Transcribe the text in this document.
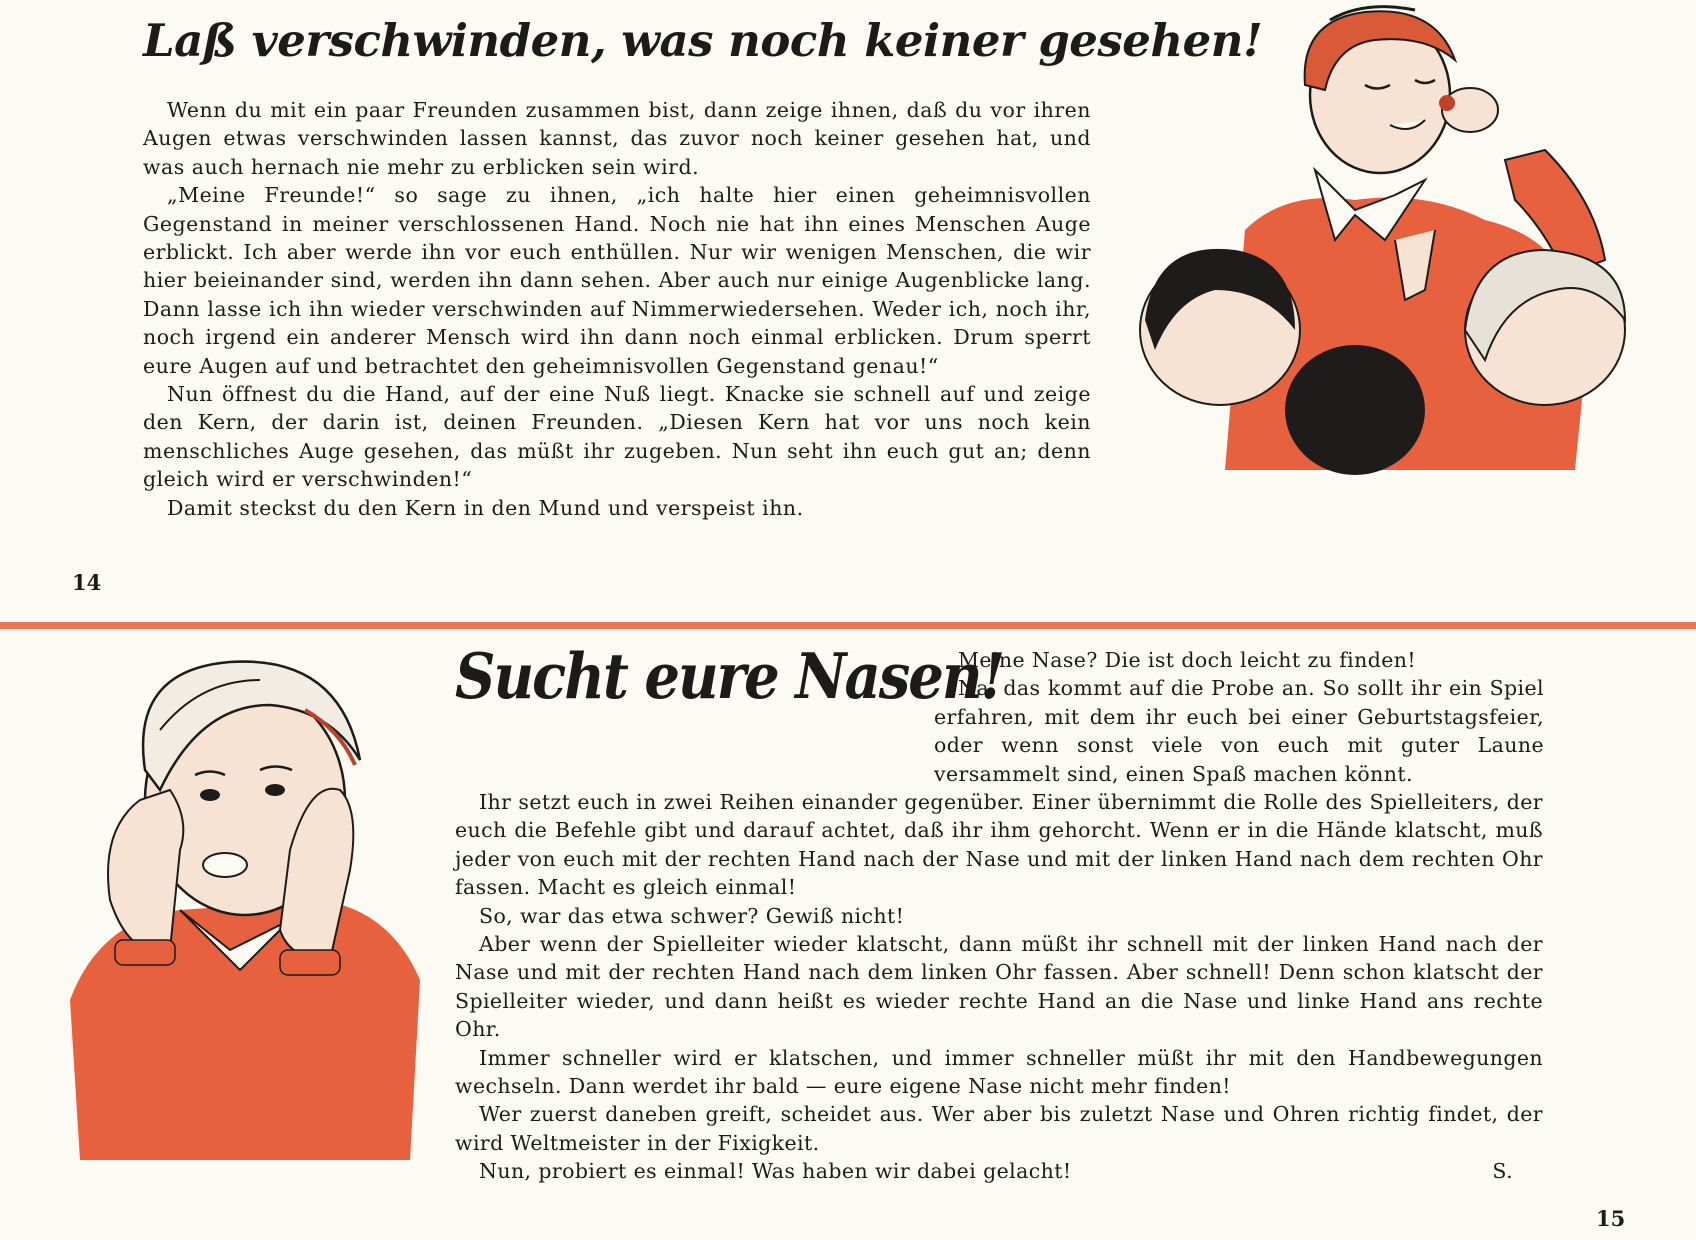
Laß verschwinden, was noch keiner gesehen!

Wenn du mit ein paar Freunden zusammen bist, dann zeige ihnen, daß du vor ihren Augen etwas verschwinden lassen kannst, das zuvor noch keiner gesehen hat, und was auch hernach nie mehr zu erblicken sein wird.

„Meine Freunde!“ so sage zu ihnen, „ich halte hier einen geheimnisvollen Gegenstand in meiner verschlossenen Hand. Noch nie hat ihn eines Menschen Auge erblickt. Ich aber werde ihn vor euch enthüllen. Nur wir wenigen Menschen, die wir hier beieinander sind, werden ihn dann sehen. Aber auch nur einige Augenblicke lang. Dann lasse ich ihn wieder verschwinden auf Nimmerwiedersehen. Weder ich, noch ihr, noch irgend ein anderer Mensch wird ihn dann noch einmal erblicken. Drum sperrt eure Augen auf und betrachtet den geheimnisvollen Gegenstand genau!“

Nun öffnest du die Hand, auf der eine Nuß liegt. Knacke sie schnell auf und zeige den Kern, der darin ist, deinen Freunden. „Diesen Kern hat vor uns noch kein menschliches Auge gesehen, das müßt ihr zugeben. Nun seht ihn euch gut an; denn gleich wird er verschwinden!“

Damit steckst du den Kern in den Mund und verspeist ihn.

14
Sucht eure Nasen!

Meine Nase? Die ist doch leicht zu finden!

Na, das kommt auf die Probe an. So sollt ihr ein Spiel erfahren, mit dem ihr euch bei einer Geburtstagsfeier, oder wenn sonst viele von euch mit guter Laune versammelt sind, einen Spaß machen könnt.

Ihr setzt euch in zwei Reihen einander gegenüber. Einer übernimmt die Rolle des Spielleiters, der euch die Befehle gibt und darauf achtet, daß ihr ihm gehorcht. Wenn er in die Hände klatscht, muß jeder von euch mit der rechten Hand nach der Nase und mit der linken Hand nach dem rechten Ohr fassen. Macht es gleich einmal!

So, war das etwa schwer? Gewiß nicht!

Aber wenn der Spielleiter wieder klatscht, dann müßt ihr schnell mit der linken Hand nach der Nase und mit der rechten Hand nach dem linken Ohr fassen. Aber schnell! Denn schon klatscht der Spielleiter wieder, und dann heißt es wieder rechte Hand an die Nase und linke Hand ans rechte Ohr.

Immer schneller wird er klatschen, und immer schneller müßt ihr mit den Handbewegungen wechseln. Dann werdet ihr bald — eure eigene Nase nicht mehr finden!

Wer zuerst daneben greift, scheidet aus. Wer aber bis zuletzt Nase und Ohren richtig findet, der wird Weltmeister in der Fixigkeit.

Nun, probiert es einmal! Was haben wir dabei gelacht!	S.

15
